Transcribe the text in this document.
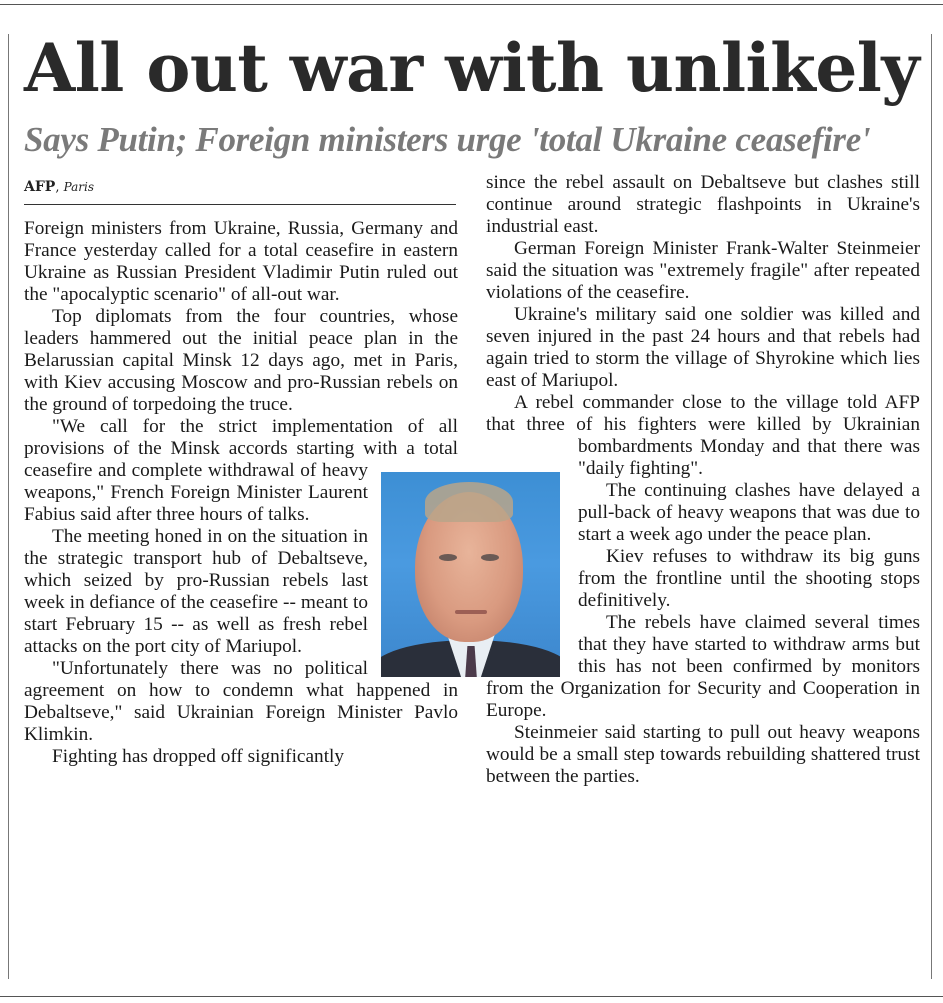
All out war with unlikely
Says Putin; Foreign ministers urge 'total Ukraine ceasefire'
AFP, Paris

Foreign ministers from Ukraine, Russia, Germany and France yesterday called for a total ceasefire in eastern Ukraine as Russian President Vladimir Putin ruled out the "apocalyptic scenario" of all-out war.

Top diplomats from the four countries, whose leaders hammered out the initial peace plan in the Belarussian capital Minsk 12 days ago, met in Paris, with Kiev accusing Moscow and pro-Russian rebels on the ground of torpedoing the truce.

"We call for the strict implementation of all provisions of the Minsk accords starting with a total ceasefire and complete withdrawal of heavy weapons," French Foreign Minister Laurent Fabius said after three hours of talks.

The meeting honed in on the situation in the strategic transport hub of Debaltseve, which seized by pro-Russian rebels last week in defiance of the ceasefire -- meant to start February 15 -- as well as fresh rebel attacks on the port city of Mariupol.

"Unfortunately there was no political agreement on how to condemn what happened in Debaltseve," said Ukrainian Foreign Minister Pavlo Klimkin.

Fighting has dropped off significantly

since the rebel assault on Debaltseve but clashes still continue around strategic flashpoints in Ukraine's industrial east.

German Foreign Minister Frank-Walter Steinmeier said the situation was "extremely fragile" after repeated violations of the ceasefire.

Ukraine's military said one soldier was killed and seven injured in the past 24 hours and that rebels had again tried to storm the village of Shyrokine which lies east of Mariupol.

A rebel commander close to the village told AFP that three of his fighters were killed by Ukrainian bombardments Monday and that there was "daily fighting".

The continuing clashes have delayed a pull-back of heavy weapons that was due to start a week ago under the peace plan.

Kiev refuses to withdraw its big guns from the frontline until the shooting stops definitively.

The rebels have claimed several times that they have started to withdraw arms but this has not been confirmed by monitors from the Organization for Security and Cooperation in Europe.

Steinmeier said starting to pull out heavy weapons would be a small step towards rebuilding shattered trust between the parties.
